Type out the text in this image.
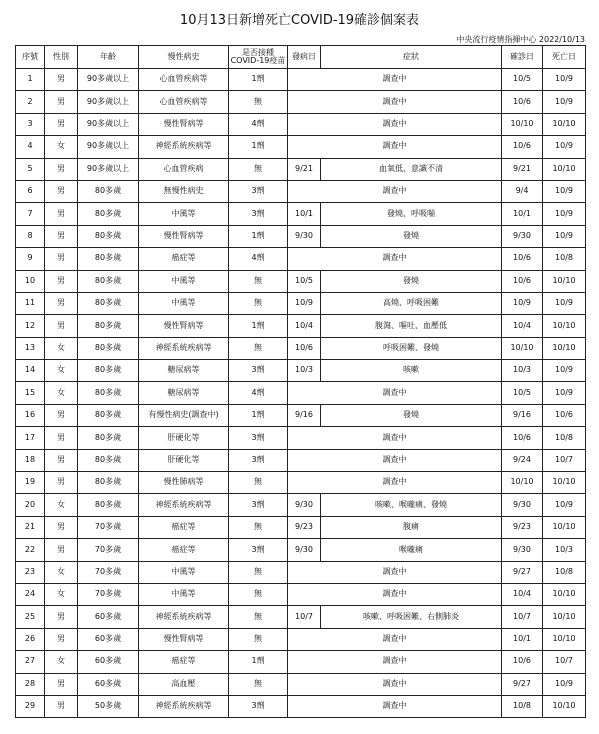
10月13日新增死亡COVID-19確診個案表
中央流行疫情指揮中心 2022/10/13
序號	性別	年齡	慢性病史	是否接種
COVID-19疫苗	發病日	症狀	確診日	死亡日
1	男	90多歲以上	心血管疾病等	1劑	調查中		10/5	10/9
2	男	90多歲以上	心血管疾病等	無	調查中		10/6	10/9
3	男	90多歲以上	慢性腎病等	4劑	調查中		10/10	10/10
4	女	90多歲以上	神經系統疾病等	1劑	調查中		10/6	10/9
5	男	90多歲以上	心血管疾病	無	9/21	血氧低、意識不清	9/21	10/10
6	男	80多歲	無慢性病史	3劑	調查中		9/4	10/9
7	男	80多歲	中風等	3劑	10/1	發燒、呼吸喘	10/1	10/9
8	男	80多歲	慢性腎病等	1劑	9/30	發燒	9/30	10/9
9	男	80多歲	癌症等	4劑	調查中		10/6	10/8
10	男	80多歲	中風等	無	10/5	發燒	10/6	10/10
11	男	80多歲	中風等	無	10/9	高燒、呼吸困難	10/9	10/9
12	男	80多歲	慢性腎病等	1劑	10/4	腹瀉、嘔吐、血壓低	10/4	10/10
13	女	80多歲	神經系統疾病等	無	10/6	呼吸困難、發燒	10/10	10/10
14	女	80多歲	糖尿病等	3劑	10/3	咳嗽	10/3	10/9
15	女	80多歲	糖尿病等	4劑	調查中		10/5	10/9
16	男	80多歲	有慢性病史(調查中)	1劑	9/16	發燒	9/16	10/6
17	男	80多歲	肝硬化等	3劑	調查中		10/6	10/8
18	男	80多歲	肝硬化等	3劑	調查中		9/24	10/7
19	男	80多歲	慢性肺病等	無	調查中		10/10	10/10
20	女	80多歲	神經系統疾病等	3劑	9/30	咳嗽、喉嚨痛、發燒	9/30	10/9
21	男	70多歲	癌症等	無	9/23	腹痛	9/23	10/10
22	男	70多歲	癌症等	3劑	9/30	喉嚨痛	9/30	10/3
23	女	70多歲	中風等	無	調查中		9/27	10/8
24	女	70多歲	中風等	無	調查中		10/4	10/10
25	男	60多歲	神經系統疾病等	無	10/7	咳嗽、呼吸困難、右側肺炎	10/7	10/10
26	男	60多歲	慢性腎病等	無	調查中		10/1	10/10
27	女	60多歲	癌症等	1劑	調查中		10/6	10/7
28	男	60多歲	高血壓	無	調查中		9/27	10/9
29	男	50多歲	神經系統疾病等	3劑	調查中		10/8	10/10
